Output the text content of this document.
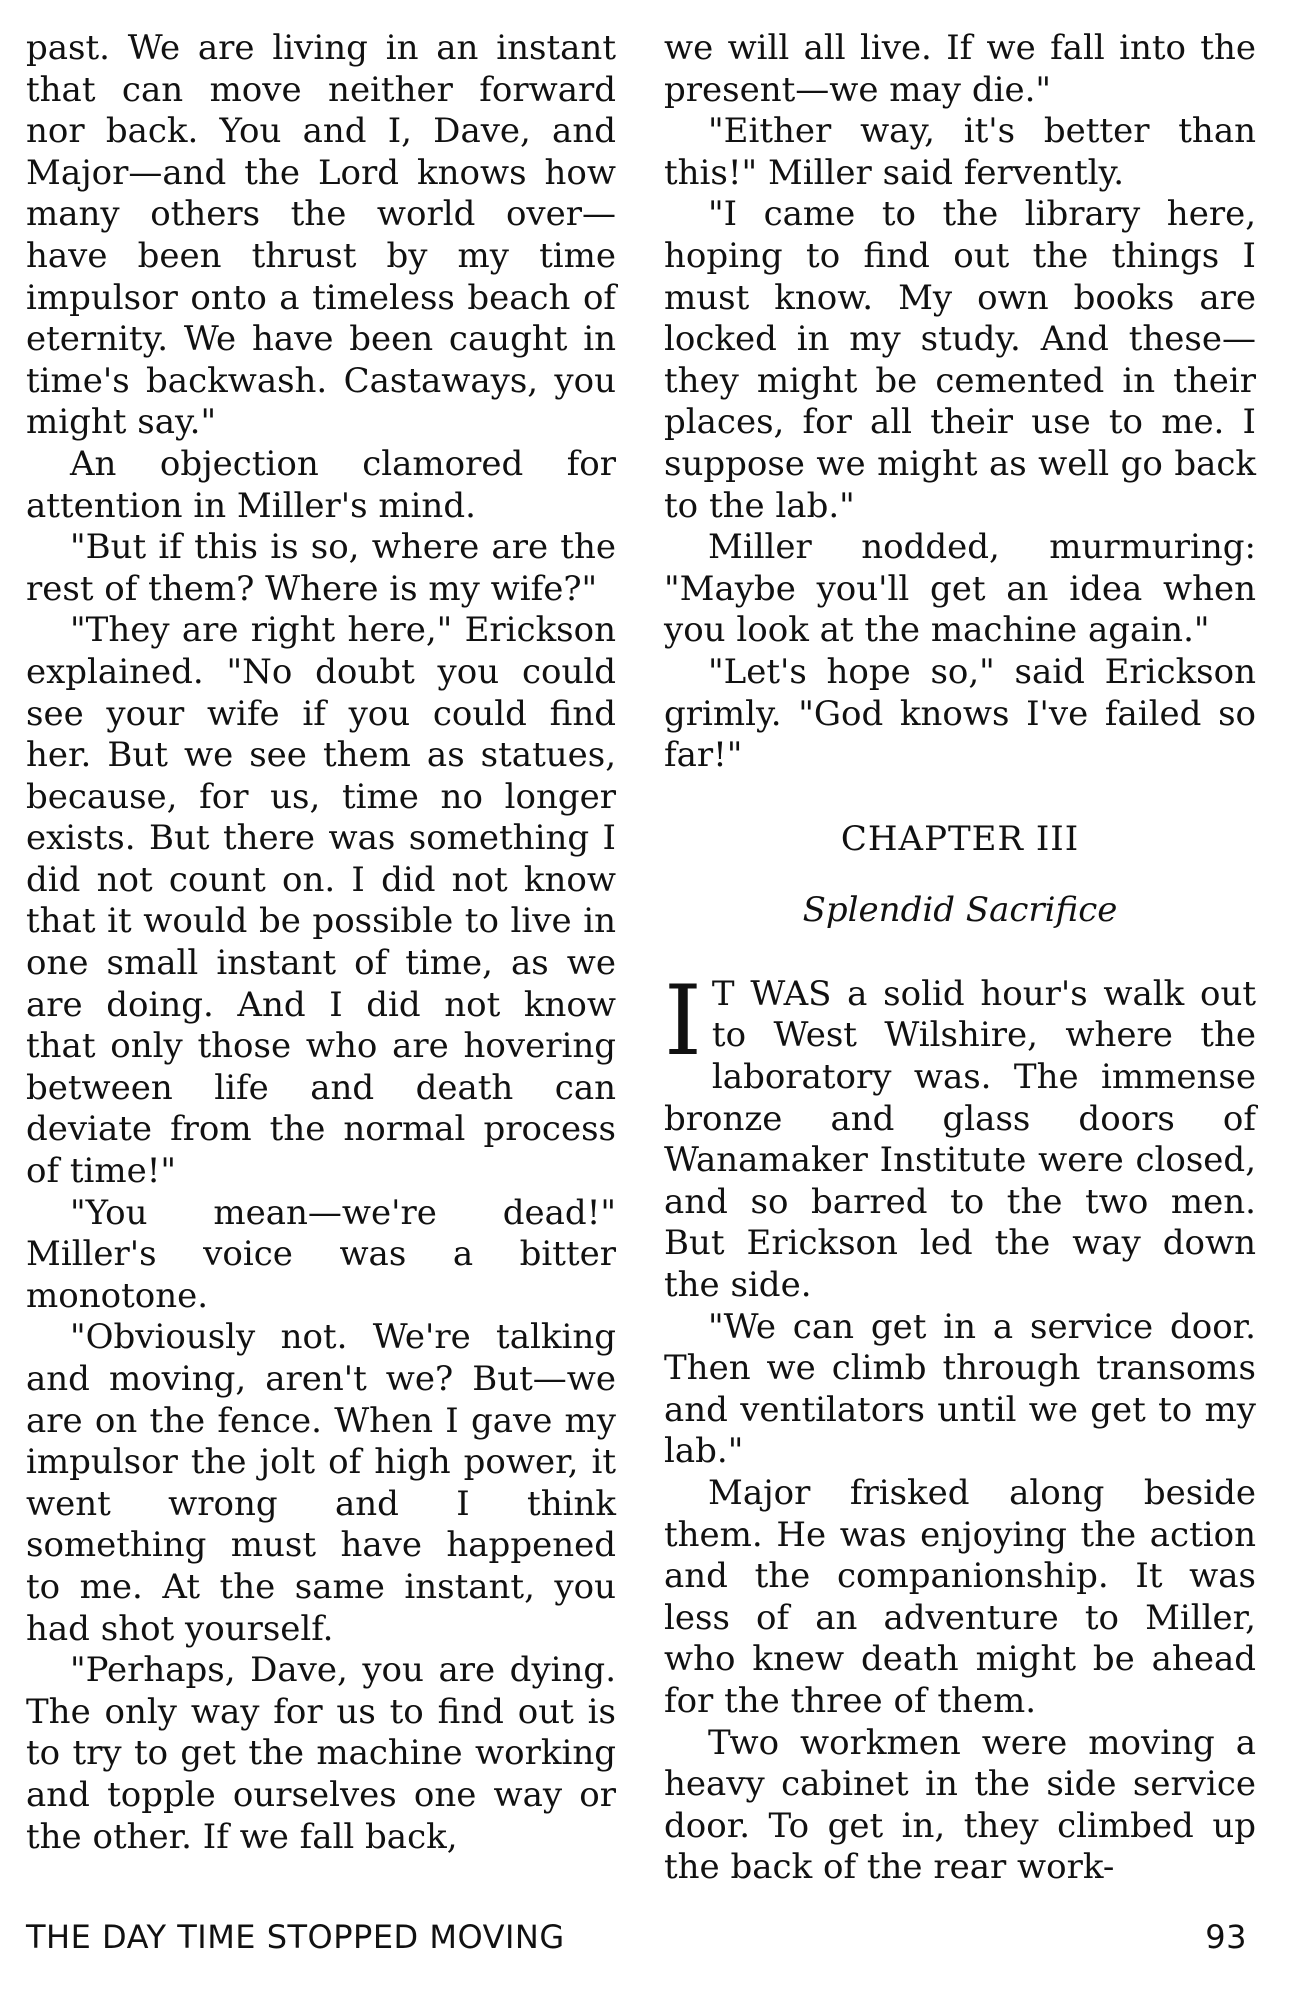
past. We are living in an instant that can move neither forward nor back. You and I, Dave, and Major—and the Lord knows how many others the world over—have been thrust by my time impulsor onto a timeless beach of eternity. We have been caught in time's backwash. Castaways, you might say."

An objection clamored for attention in Miller's mind.

"But if this is so, where are the rest of them? Where is my wife?"

"They are right here," Erickson explained. "No doubt you could see your wife if you could find her. But we see them as statues, because, for us, time no longer exists. But there was something I did not count on. I did not know that it would be possible to live in one small instant of time, as we are doing. And I did not know that only those who are hovering between life and death can deviate from the normal process of time!"

"You mean—we're dead!" Miller's voice was a bitter monotone.

"Obviously not. We're talking and moving, aren't we? But—we are on the fence. When I gave my impulsor the jolt of high power, it went wrong and I think something must have happened to me. At the same instant, you had shot yourself.

"Perhaps, Dave, you are dying. The only way for us to find out is to try to get the machine working and topple ourselves one way or the other. If we fall back,

we will all live. If we fall into the present—we may die."

"Either way, it's better than this!" Miller said fervently.

"I came to the library here, hoping to find out the things I must know. My own books are locked in my study. And these—they might be cemented in their places, for all their use to me. I suppose we might as well go back to the lab."

Miller nodded, murmuring: "Maybe you'll get an idea when you look at the machine again."

"Let's hope so," said Erickson grimly. "God knows I've failed so far!"

CHAPTER III

Splendid Sacrifice

I T WAS a solid hour's walk out to West Wilshire, where the laboratory was. The immense bronze and glass doors of Wanamaker Institute were closed, and so barred to the two men. But Erickson led the way down the side.

"We can get in a service door. Then we climb through transoms and ventilators until we get to my lab."

Major frisked along beside them. He was enjoying the action and the companionship. It was less of an adventure to Miller, who knew death might be ahead for the three of them.

Two workmen were moving a heavy cabinet in the side service door. To get in, they climbed up the back of the rear work-

THE DAY TIME STOPPED MOVING	93
